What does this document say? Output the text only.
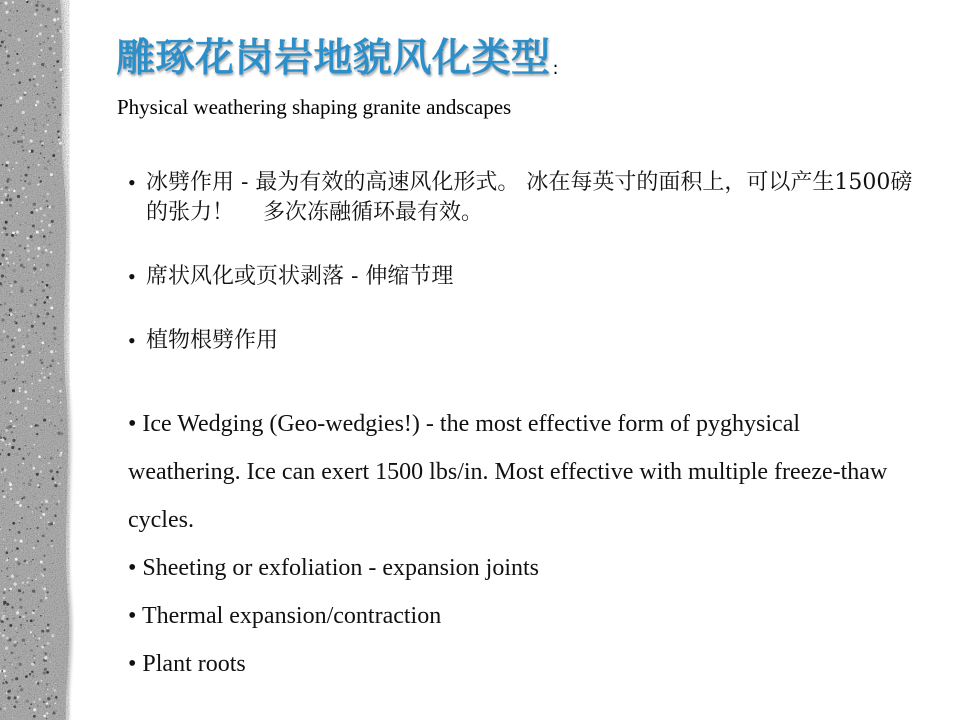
雕琢花岗岩地貌风化类型 :
Physical weathering shaping granite andscapes
• 冰劈作用 - 最为有效的高速风化形式。 冰在每英寸的面积上，可以产生1500磅的张力！　 多次冻融循环最有效。
• 席状风化或页状剥落 - 伸缩节理
• 植物根劈作用
• Ice Wedging (Geo-wedgies!) - the most effective form of pyghysical weathering. Ice can exert 1500 lbs/in. Most effective with multiple freeze-thaw cycles.
• Sheeting or exfoliation - expansion joints
• Thermal expansion/contraction
• Plant roots
